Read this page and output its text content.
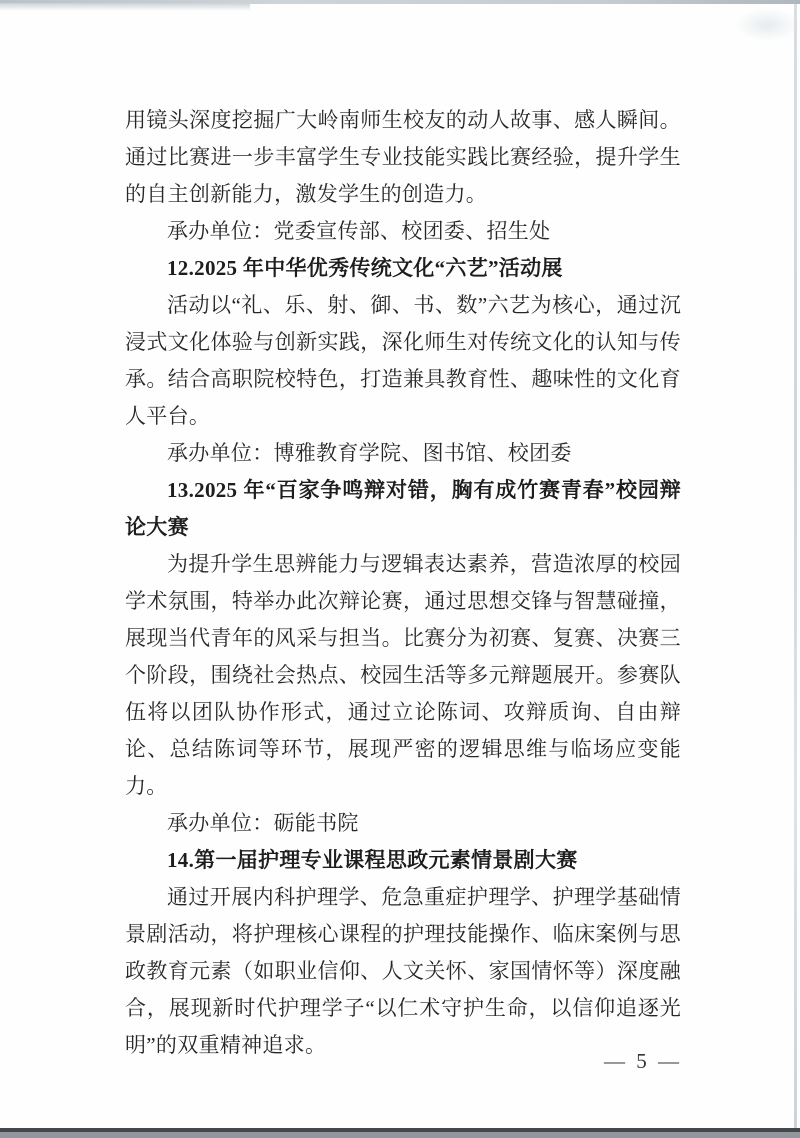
用镜头深度挖掘广大岭南师生校友的动人故事、感人瞬间。通过比赛进一步丰富学生专业技能实践比赛经验，提升学生的自主创新能力，激发学生的创造力。

承办单位：党委宣传部、校团委、招生处

12.2025 年中华优秀传统文化“六艺”活动展

活动以“礼、乐、射、御、书、数”六艺为核心，通过沉浸式文化体验与创新实践，深化师生对传统文化的认知与传承。结合高职院校特色，打造兼具教育性、趣味性的文化育人平台。

承办单位：博雅教育学院、图书馆、校团委

13.2025 年“百家争鸣辩对错，胸有成竹赛青春”校园辩论大赛

为提升学生思辨能力与逻辑表达素养，营造浓厚的校园学术氛围，特举办此次辩论赛，通过思想交锋与智慧碰撞，展现当代青年的风采与担当。比赛分为初赛、复赛、决赛三个阶段，围绕社会热点、校园生活等多元辩题展开。参赛队伍将以团队协作形式，通过立论陈词、攻辩质询、自由辩论、总结陈词等环节，展现严密的逻辑思维与临场应变能力。

承办单位：砺能书院

14.第一届护理专业课程思政元素情景剧大赛

通过开展内科护理学、危急重症护理学、护理学基础情景剧活动，将护理核心课程的护理技能操作、临床案例与思政教育元素（如职业信仰、人文关怀、家国情怀等）深度融合，展现新时代护理学子“以仁术守护生命，以信仰追逐光明”的双重精神追求。

— 5 —
